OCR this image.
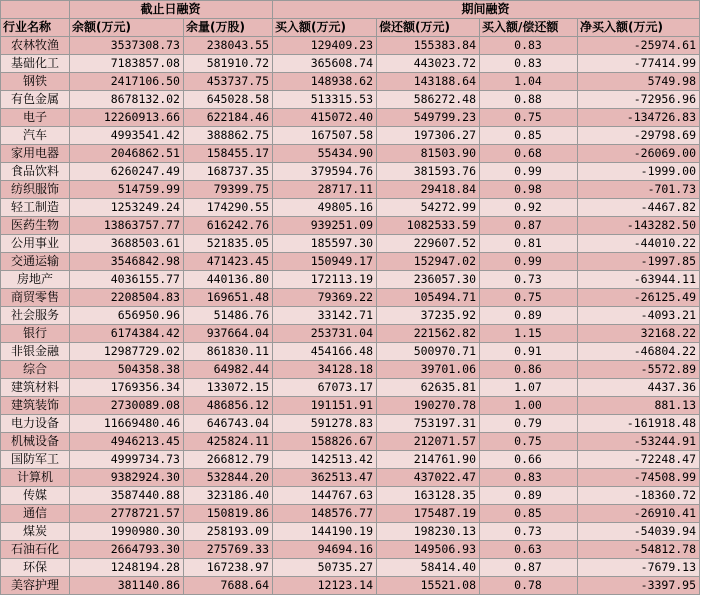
	截止日融资		期间融资			
行业名称	余额(万元)	余量(万股)	买入额(万元)	偿还额(万元)	买入额/偿还额	净买入额(万元)
农林牧渔	3537308.73	238043.55	129409.23	155383.84	0.83	-25974.61
基础化工	7183857.08	581910.72	365608.74	443023.72	0.83	-77414.99
钢铁	2417106.50	453737.75	148938.62	143188.64	1.04	5749.98
有色金属	8678132.02	645028.58	513315.53	586272.48	0.88	-72956.96
电子	12260913.66	622184.46	415072.40	549799.23	0.75	-134726.83
汽车	4993541.42	388862.75	167507.58	197306.27	0.85	-29798.69
家用电器	2046862.51	158455.17	55434.90	81503.90	0.68	-26069.00
食品饮料	6260247.49	168737.35	379594.76	381593.76	0.99	-1999.00
纺织服饰	514759.99	79399.75	28717.11	29418.84	0.98	-701.73
轻工制造	1253249.24	174290.55	49805.16	54272.99	0.92	-4467.82
医药生物	13863757.77	616242.76	939251.09	1082533.59	0.87	-143282.50
公用事业	3688503.61	521835.05	185597.30	229607.52	0.81	-44010.22
交通运输	3546842.98	471423.45	150949.17	152947.02	0.99	-1997.85
房地产	4036155.77	440136.80	172113.19	236057.30	0.73	-63944.11
商贸零售	2208504.83	169651.48	79369.22	105494.71	0.75	-26125.49
社会服务	656950.96	51486.76	33142.71	37235.92	0.89	-4093.21
银行	6174384.42	937664.04	253731.04	221562.82	1.15	32168.22
非银金融	12987729.02	861830.11	454166.48	500970.71	0.91	-46804.22
综合	504358.38	64982.44	34128.18	39701.06	0.86	-5572.89
建筑材料	1769356.34	133072.15	67073.17	62635.81	1.07	4437.36
建筑装饰	2730089.08	486856.12	191151.91	190270.78	1.00	881.13
电力设备	11669480.46	646743.04	591278.83	753197.31	0.79	-161918.48
机械设备	4946213.45	425824.11	158826.67	212071.57	0.75	-53244.91
国防军工	4999734.73	266812.79	142513.42	214761.90	0.66	-72248.47
计算机	9382924.30	532844.20	362513.47	437022.47	0.83	-74508.99
传媒	3587440.88	323186.40	144767.63	163128.35	0.89	-18360.72
通信	2778721.57	150819.86	148576.77	175487.19	0.85	-26910.41
煤炭	1990980.30	258193.09	144190.19	198230.13	0.73	-54039.94
石油石化	2664793.30	275769.33	94694.16	149506.93	0.63	-54812.78
环保	1248194.28	167238.97	50735.27	58414.40	0.87	-7679.13
美容护理	381140.86	7688.64	12123.14	15521.08	0.78	-3397.95
